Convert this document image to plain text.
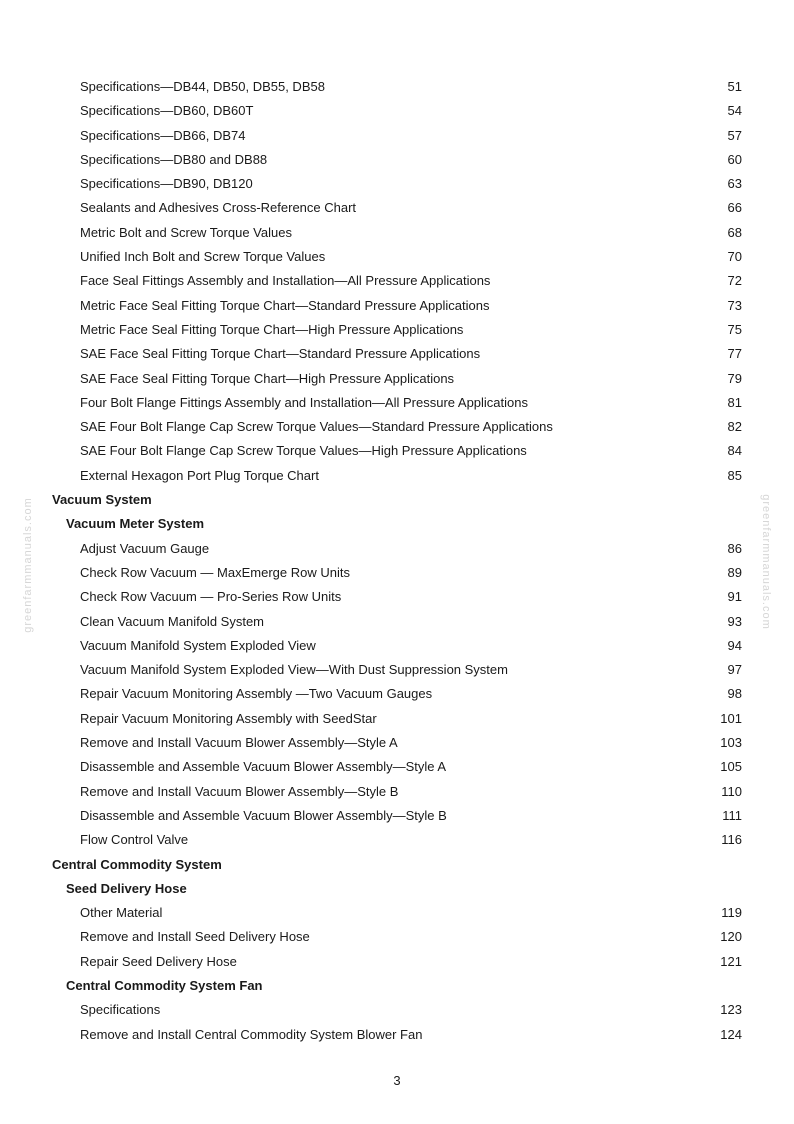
greenfarmmanuals.com	greenfarmmanuals.com
Specifications—DB44, DB50, DB55, DB58	51
Specifications—DB60, DB60T	54
Specifications—DB66, DB74	57
Specifications—DB80 and DB88	60
Specifications—DB90, DB120	63
Sealants and Adhesives Cross-Reference Chart	66
Metric Bolt and Screw Torque Values	68
Unified Inch Bolt and Screw Torque Values	70
Face Seal Fittings Assembly and Installation—All Pressure Applications	72
Metric Face Seal Fitting Torque Chart—Standard Pressure Applications	73
Metric Face Seal Fitting Torque Chart—High Pressure Applications	75
SAE Face Seal Fitting Torque Chart—Standard Pressure Applications	77
SAE Face Seal Fitting Torque Chart—High Pressure Applications	79
Four Bolt Flange Fittings Assembly and Installation—All Pressure Applications	81
SAE Four Bolt Flange Cap Screw Torque Values—Standard Pressure Applications	82
SAE Four Bolt Flange Cap Screw Torque Values—High Pressure Applications	84
External Hexagon Port Plug Torque Chart	85
Vacuum System
Vacuum Meter System
Adjust Vacuum Gauge	86
Check Row Vacuum — MaxEmerge Row Units	89
Check Row Vacuum — Pro-Series Row Units	91
Clean Vacuum Manifold System	93
Vacuum Manifold System Exploded View	94
Vacuum Manifold System Exploded View—With Dust Suppression System	97
Repair Vacuum Monitoring Assembly —Two Vacuum Gauges	98
Repair Vacuum Monitoring Assembly with SeedStar	101
Remove and Install Vacuum Blower Assembly—Style A	103
Disassemble and Assemble Vacuum Blower Assembly—Style A	105
Remove and Install Vacuum Blower Assembly—Style B	110
Disassemble and Assemble Vacuum Blower Assembly—Style B	111
Flow Control Valve	116
Central Commodity System
Seed Delivery Hose
Other Material	119
Remove and Install Seed Delivery Hose	120
Repair Seed Delivery Hose	121
Central Commodity System Fan
Specifications	123
Remove and Install Central Commodity System Blower Fan	124
3
